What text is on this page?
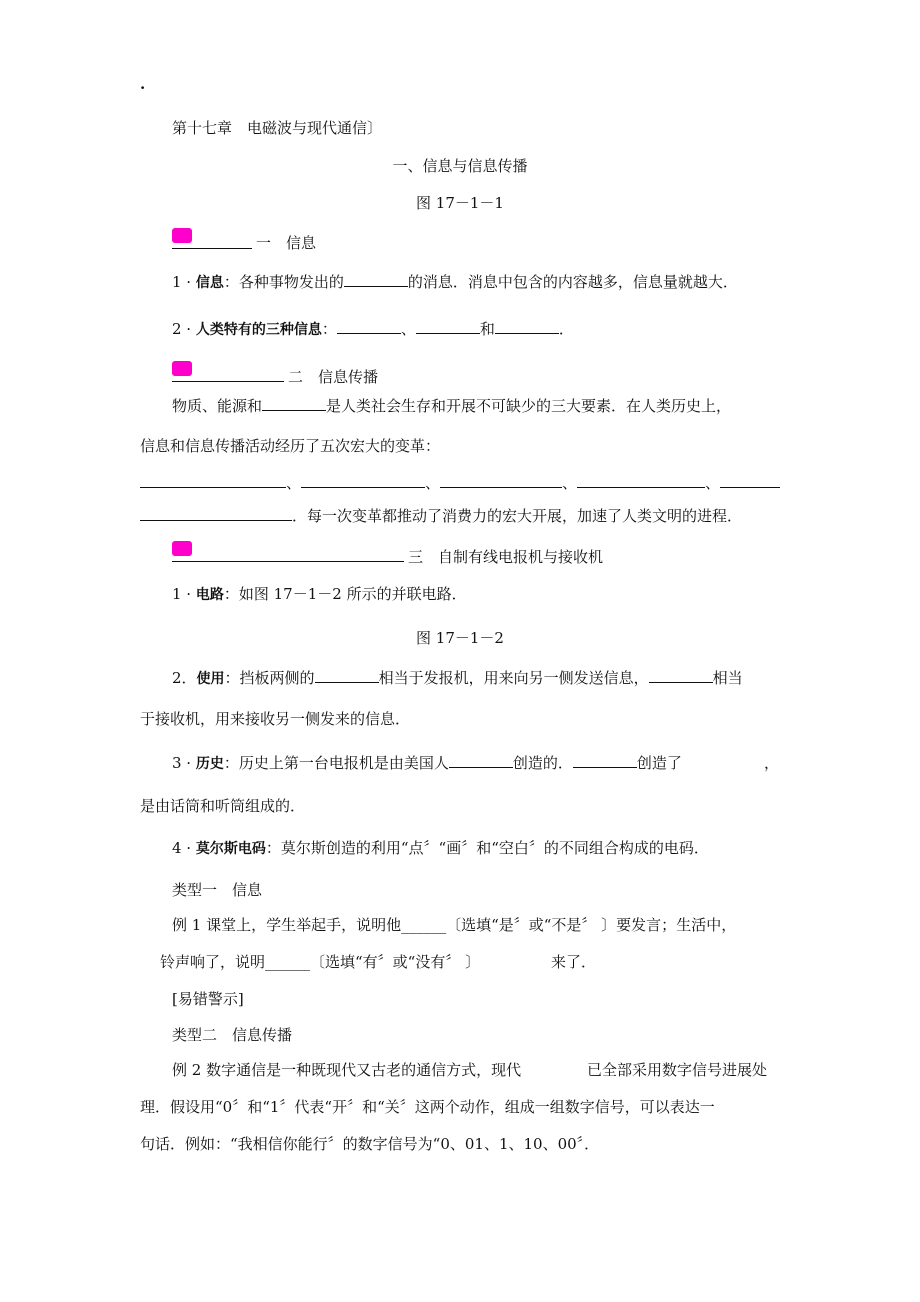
.
第十七章　电磁波与现代通信〕
一、信息与信息传播
图 17－1－1
一　信息
1 · 信息：各种事物发出的	的消息．消息中包含的内容越多，信息量就越大．
2 · 人类特有的三种信息：	、	和	．
二　信息传播
物质、能源和	是人类社会生存和开展不可缺少的三大要素．在人类历史上，
信息和信息传播活动经历了五次宏大的变革：
、	、	、	、
．每一次变革都推动了消费力的宏大开展，加速了人类文明的进程．
三　自制有线电报机与接收机
1 · 电路：如图 17－1－2 所示的并联电路．
图 17－1－2
2．使用：挡板两侧的	相当于发报机，用来向另一侧发送信息，	相当
于接收机，用来接收另一侧发来的信息．
3 · 历史：历史上第一台电报机是由美国人	创造的．	创造了	，
是由话筒和听筒组成的．
4 · 莫尔斯电码：莫尔斯创造的利用“点〞“画〞和“空白〞的不同组合构成的电码．
类型一　信息
例 1 课堂上，学生举起手，说明他______〔选填“是〞或“不是〞 〕要发言；生活中，
铃声响了，说明______〔选填“有〞或“没有〞 〕	来了．
[易错警示]
类型二　信息传播
例 2 数字通信是一种既现代又古老的通信方式，现代	已全部采用数字信号进展处
理．假设用“0〞和“1〞代表“开〞和“关〞这两个动作，组成一组数字信号，可以表达一
句话．例如：“我相信你能行〞的数字信号为“0、01、1、10、00〞．
